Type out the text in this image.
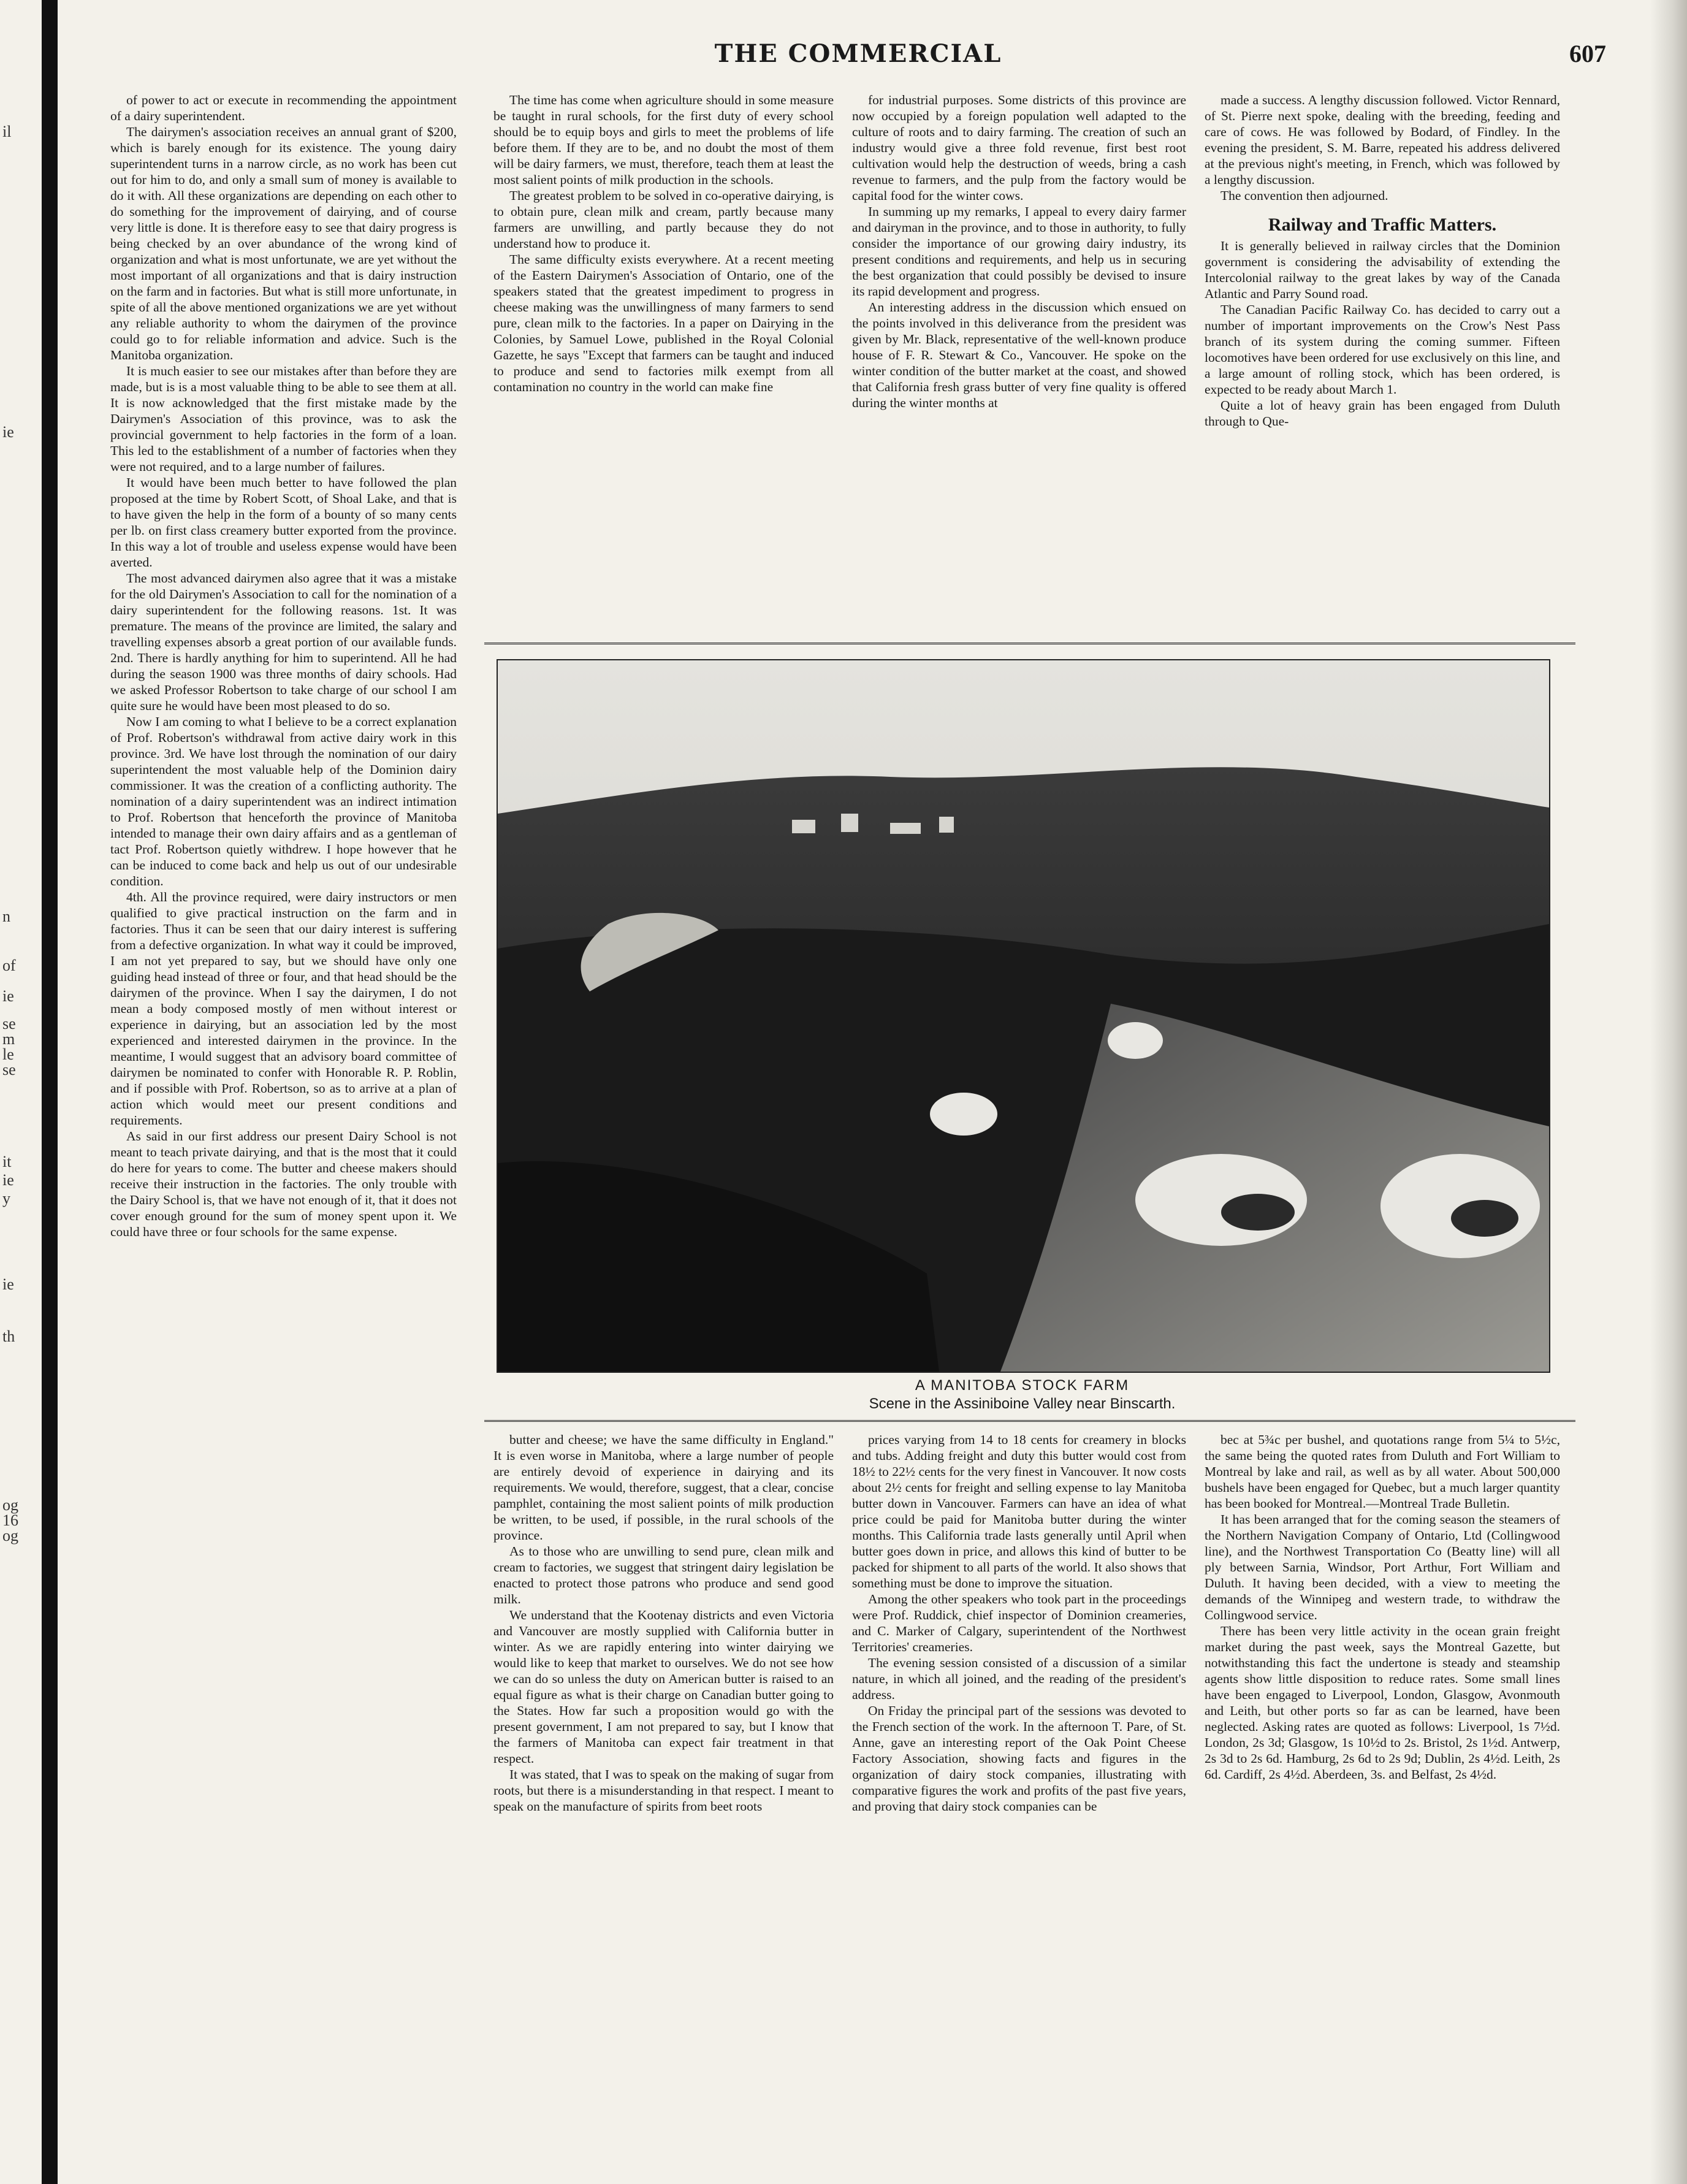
il
ie
n
of
ie
se
m
le
se
it
ie
y
ie
th
og
16
og
THE COMMERCIAL	607

of power to act or execute in recommending the appointment of a dairy superintendent.

The dairymen's association receives an annual grant of $200, which is barely enough for its existence. The young dairy superintendent turns in a narrow circle, as no work has been cut out for him to do, and only a small sum of money is available to do it with. All these organizations are depending on each other to do something for the improvement of dairying, and of course very little is done. It is therefore easy to see that dairy progress is being checked by an over abundance of the wrong kind of organization and what is most unfortunate, we are yet without the most important of all organizations and that is dairy instruction on the farm and in factories. But what is still more unfortunate, in spite of all the above mentioned organizations we are yet without any reliable authority to whom the dairymen of the province could go to for reliable information and advice. Such is the Manitoba organization.

It is much easier to see our mistakes after than before they are made, but is is a most valuable thing to be able to see them at all. It is now acknowledged that the first mistake made by the Dairymen's Association of this province, was to ask the provincial government to help factories in the form of a loan. This led to the establishment of a number of factories when they were not required, and to a large number of failures.

It would have been much better to have followed the plan proposed at the time by Robert Scott, of Shoal Lake, and that is to have given the help in the form of a bounty of so many cents per lb. on first class creamery butter exported from the province. In this way a lot of trouble and useless expense would have been averted.

The most advanced dairymen also agree that it was a mistake for the old Dairymen's Association to call for the nomination of a dairy superintendent for the following reasons. 1st. It was premature. The means of the province are limited, the salary and travelling expenses absorb a great portion of our available funds. 2nd. There is hardly anything for him to superintend. All he had during the season 1900 was three months of dairy schools. Had we asked Professor Robertson to take charge of our school I am quite sure he would have been most pleased to do so.

Now I am coming to what I believe to be a correct explanation of Prof. Robertson's withdrawal from active dairy work in this province. 3rd. We have lost through the nomination of our dairy superintendent the most valuable help of the Dominion dairy commissioner. It was the creation of a conflicting authority. The nomination of a dairy superintendent was an indirect intimation to Prof. Robertson that henceforth the province of Manitoba intended to manage their own dairy affairs and as a gentleman of tact Prof. Robertson quietly withdrew. I hope however that he can be induced to come back and help us out of our undesirable condition.

4th. All the province required, were dairy instructors or men qualified to give practical instruction on the farm and in factories. Thus it can be seen that our dairy interest is suffering from a defective organization. In what way it could be improved, I am not yet prepared to say, but we should have only one guiding head instead of three or four, and that head should be the dairymen of the province. When I say the dairymen, I do not mean a body composed mostly of men without interest or experience in dairying, but an association led by the most experienced and interested dairymen in the province. In the meantime, I would suggest that an advisory board committee of dairymen be nominated to confer with Honorable R. P. Roblin, and if possible with Prof. Robertson, so as to arrive at a plan of action which would meet our present conditions and requirements.

As said in our first address our present Dairy School is not meant to teach private dairying, and that is the most that it could do here for years to come. The butter and cheese makers should receive their instruction in the factories. The only trouble with the Dairy School is, that we have not enough of it, that it does not cover enough ground for the sum of money spent upon it. We could have three or four schools for the same expense.

The time has come when agriculture should in some measure be taught in rural schools, for the first duty of every school should be to equip boys and girls to meet the problems of life before them. If they are to be, and no doubt the most of them will be dairy farmers, we must, therefore, teach them at least the most salient points of milk production in the schools.

The greatest problem to be solved in co-operative dairying, is to obtain pure, clean milk and cream, partly because many farmers are unwilling, and partly because they do not understand how to produce it.

The same difficulty exists everywhere. At a recent meeting of the Eastern Dairymen's Association of Ontario, one of the speakers stated that the greatest impediment to progress in cheese making was the unwillingness of many farmers to send pure, clean milk to the factories. In a paper on Dairying in the Colonies, by Samuel Lowe, published in the Royal Colonial Gazette, he says "Except that farmers can be taught and induced to produce and send to factories milk exempt from all contamination no country in the world can make fine

for industrial purposes. Some districts of this province are now occupied by a foreign population well adapted to the culture of roots and to dairy farming. The creation of such an industry would give a three fold revenue, first best root cultivation would help the destruction of weeds, bring a cash revenue to farmers, and the pulp from the factory would be capital food for the winter cows.

In summing up my remarks, I appeal to every dairy farmer and dairyman in the province, and to those in authority, to fully consider the importance of our growing dairy industry, its present conditions and requirements, and help us in securing the best organization that could possibly be devised to insure its rapid development and progress.

An interesting address in the discussion which ensued on the points involved in this deliverance from the president was given by Mr. Black, representative of the well-known produce house of F. R. Stewart & Co., Vancouver. He spoke on the winter condition of the butter market at the coast, and showed that California fresh grass butter of very fine quality is offered during the winter months at

made a success. A lengthy discussion followed. Victor Rennard, of St. Pierre next spoke, dealing with the breeding, feeding and care of cows. He was followed by Bodard, of Findley. In the evening the president, S. M. Barre, repeated his address delivered at the previous night's meeting, in French, which was followed by a lengthy discussion.

The convention then adjourned.

Railway and Traffic Matters.

It is generally believed in railway circles that the Dominion government is considering the advisability of extending the Intercolonial railway to the great lakes by way of the Canada Atlantic and Parry Sound road.

The Canadian Pacific Railway Co. has decided to carry out a number of important improvements on the Crow's Nest Pass branch of its system during the coming summer. Fifteen locomotives have been ordered for use exclusively on this line, and a large amount of rolling stock, which has been ordered, is expected to be ready about March 1.

Quite a lot of heavy grain has been engaged from Duluth through to Que-

A MANITOBA STOCK FARM
Scene in the Assiniboine Valley near Binscarth.

butter and cheese; we have the same difficulty in England." It is even worse in Manitoba, where a large number of people are entirely devoid of experience in dairying and its requirements. We would, therefore, suggest, that a clear, concise pamphlet, containing the most salient points of milk production be written, to be used, if possible, in the rural schools of the province.

As to those who are unwilling to send pure, clean milk and cream to factories, we suggest that stringent dairy legislation be enacted to protect those patrons who produce and send good milk.

We understand that the Kootenay districts and even Victoria and Vancouver are mostly supplied with California butter in winter. As we are rapidly entering into winter dairying we would like to keep that market to ourselves. We do not see how we can do so unless the duty on American butter is raised to an equal figure as what is their charge on Canadian butter going to the States. How far such a proposition would go with the present government, I am not prepared to say, but I know that the farmers of Manitoba can expect fair treatment in that respect.

It was stated, that I was to speak on the making of sugar from roots, but there is a misunderstanding in that respect. I meant to speak on the manufacture of spirits from beet roots

prices varying from 14 to 18 cents for creamery in blocks and tubs. Adding freight and duty this butter would cost from 18½ to 22½ cents for the very finest in Vancouver. It now costs about 2½ cents for freight and selling expense to lay Manitoba butter down in Vancouver. Farmers can have an idea of what price could be paid for Manitoba butter during the winter months. This California trade lasts generally until April when butter goes down in price, and allows this kind of butter to be packed for shipment to all parts of the world. It also shows that something must be done to improve the situation.

Among the other speakers who took part in the proceedings were Prof. Ruddick, chief inspector of Dominion creameries, and C. Marker of Calgary, superintendent of the Northwest Territories' creameries.

The evening session consisted of a discussion of a similar nature, in which all joined, and the reading of the president's address.

On Friday the principal part of the sessions was devoted to the French section of the work. In the afternoon T. Pare, of St. Anne, gave an interesting report of the Oak Point Cheese Factory Association, showing facts and figures in the organization of dairy stock companies, illustrating with comparative figures the work and profits of the past five years, and proving that dairy stock companies can be

bec at 5¾c per bushel, and quotations range from 5¼ to 5½c, the same being the quoted rates from Duluth and Fort William to Montreal by lake and rail, as well as by all water. About 500,000 bushels have been engaged for Quebec, but a much larger quantity has been booked for Montreal.—Montreal Trade Bulletin.

It has been arranged that for the coming season the steamers of the Northern Navigation Company of Ontario, Ltd (Collingwood line), and the Northwest Transportation Co (Beatty line) will all ply between Sarnia, Windsor, Port Arthur, Fort William and Duluth. It having been decided, with a view to meeting the demands of the Winnipeg and western trade, to withdraw the Collingwood service.

There has been very little activity in the ocean grain freight market during the past week, says the Montreal Gazette, but notwithstanding this fact the undertone is steady and steamship agents show little disposition to reduce rates. Some small lines have been engaged to Liverpool, London, Glasgow, Avonmouth and Leith, but other ports so far as can be learned, have been neglected. Asking rates are quoted as follows: Liverpool, 1s 7½d. London, 2s 3d; Glasgow, 1s 10½d to 2s. Bristol, 2s 1½d. Antwerp, 2s 3d to 2s 6d. Hamburg, 2s 6d to 2s 9d; Dublin, 2s 4½d. Leith, 2s 6d. Cardiff, 2s 4½d. Aberdeen, 3s. and Belfast, 2s 4½d.
